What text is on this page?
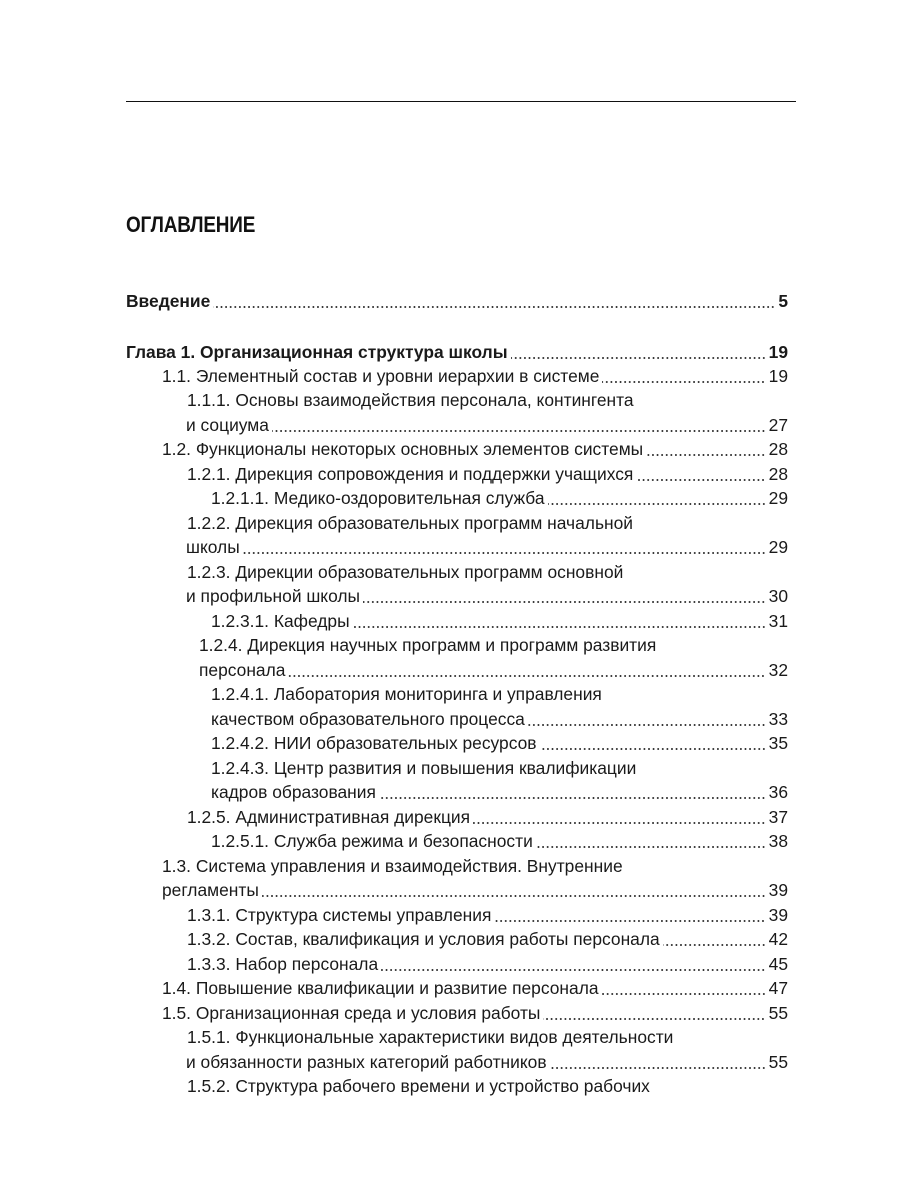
ОГЛАВЛЕНИЕ
Введение	5
Глава 1. Организационная структура школы	19
1.1. Элементный состав и уровни иерархии в системе	19
1.1.1. Основы взаимодействия персонала, контингента
и социума	27
1.2. Функционалы некоторых основных элементов системы	28
1.2.1. Дирекция сопровождения и поддержки учащихся	28
1.2.1.1. Медико-оздоровительная служба	29
1.2.2. Дирекция образовательных программ начальной
школы	29
1.2.3. Дирекции образовательных программ основной
и профильной школы	30
1.2.3.1. Кафедры	31
1.2.4. Дирекция научных программ и программ развития
персонала	32
1.2.4.1. Лаборатория мониторинга и управления
качеством образовательного процесса	33
1.2.4.2. НИИ образовательных ресурсов	35
1.2.4.3. Центр развития и повышения квалификации
кадров образования	36
1.2.5. Административная дирекция	37
1.2.5.1. Служба режима и безопасности	38
1.3. Система управления и взаимодействия. Внутренние
регламенты	39
1.3.1. Структура системы управления	39
1.3.2. Состав, квалификация и условия работы персонала	42
1.3.3. Набор персонала	45
1.4. Повышение квалификации и развитие персонала	47
1.5. Организационная среда и условия работы	55
1.5.1. Функциональные характеристики видов деятельности
и обязанности разных категорий работников	55
1.5.2. Структура рабочего времени и устройство рабочих
